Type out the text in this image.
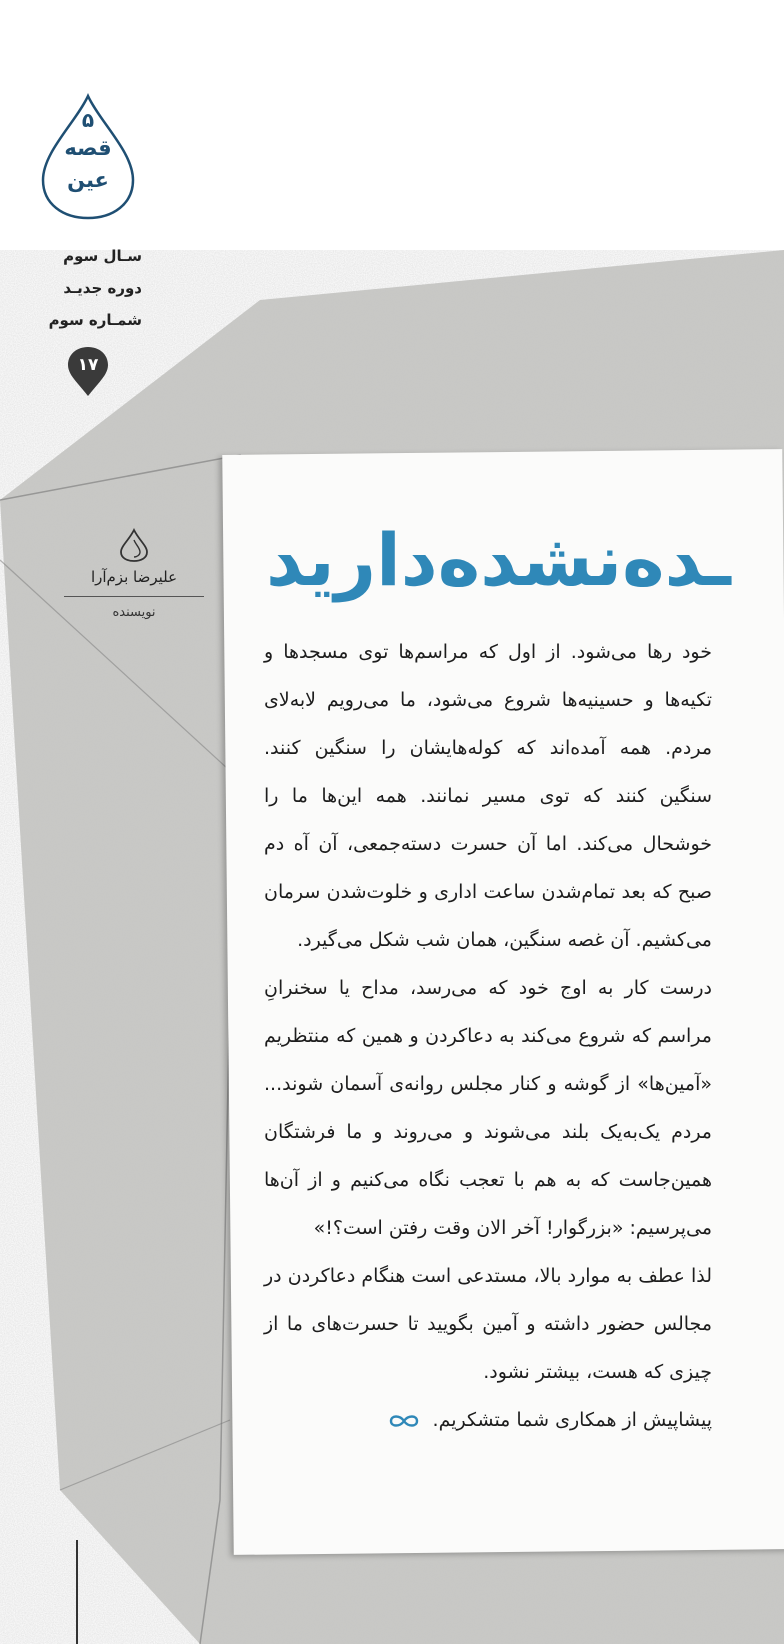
۵
قصه
عین
سـال سوم
دوره جدیـد
شمـاره سوم
۱۷
علیرضا بزم‌آرا
نویسنده
ـده‌نشده‌دارید

خود رها می‌شود. از اول که مراسم‌ها توی مسجدها و تکیه‌ها و حسینیه‌ها شروع می‌شود، ما می‌رویم لابه‌لای مردم. همه آمده‌اند که کوله‌هایشان را سنگین کنند. سنگین کنند که توی مسیر نمانند. همه این‌ها ما را خوشحال می‌کند. اما آن حسرت دسته‌جمعی، آن آه دم صبح که بعد تمام‌شدن ساعت اداری و خلوت‌شدن سرمان می‌کشیم. آن غصه سنگین، همان شب شکل می‌گیرد.

درست کار به اوج خود که می‌رسد، مداح یا سخنرانِ مراسم که شروع می‌کند به دعاکردن و همین که منتظریم «آمین‌ها» از گوشه و کنار مجلس روانه‌ی آسمان شوند... مردم یک‌به‌یک بلند می‌شوند و می‌روند و ما فرشتگان همین‌جاست که به هم با تعجب نگاه می‌کنیم و از آن‌ها می‌پرسیم: «بزرگوار! آخر الان وقت رفتن است؟!»

لذا عطف به موارد بالا، مستدعی است هنگام دعاکردن در مجالس حضور داشته و آمین بگویید تا حسرت‌های ما از چیزی که هست، بیشتر نشود.

پیشاپیش از همکاری شما متشکریم.
